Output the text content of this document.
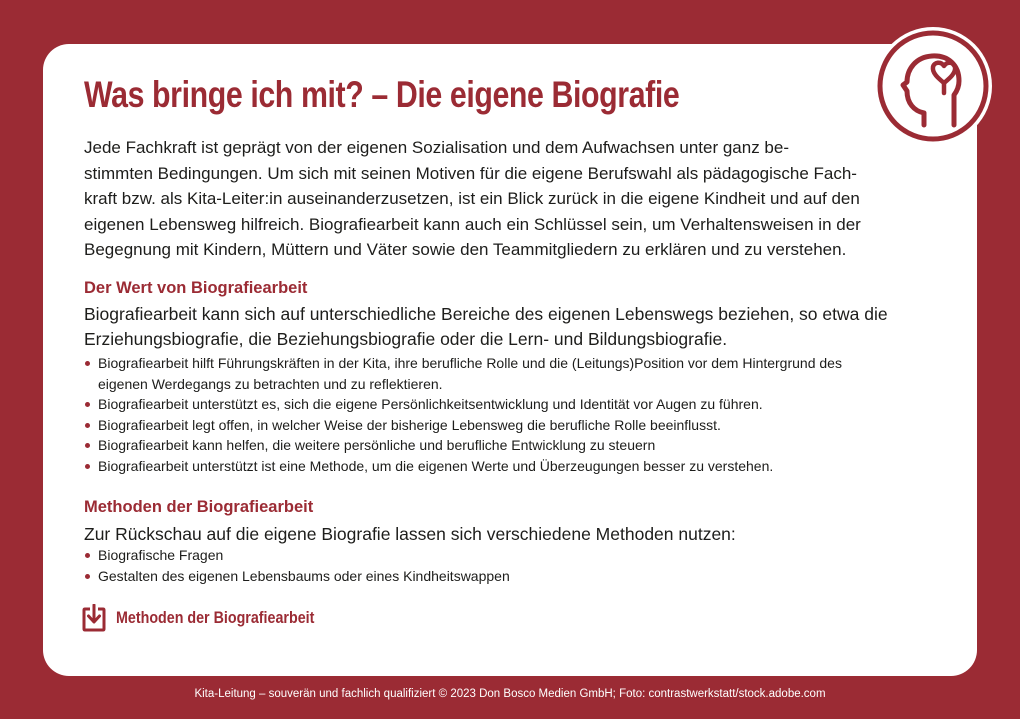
Was bringe ich mit? – Die eigene Biografie

Jede Fachkraft ist geprägt von der eigenen Sozialisation und dem Aufwachsen unter ganz be-
stimmten Bedingungen. Um sich mit seinen Motiven für die eigene Berufswahl als pädagogische Fach-
kraft bzw. als Kita-Leiter:in auseinanderzusetzen, ist ein Blick zurück in die eigene Kindheit und auf den
eigenen Lebensweg hilfreich. Biografiearbeit kann auch ein Schlüssel sein, um Verhaltensweisen in der
Begegnung mit Kindern, Müttern und Väter sowie den Teammitgliedern zu erklären und zu verstehen.

Der Wert von Biografiearbeit

Biografiearbeit kann sich auf unterschiedliche Bereiche des eigenen Lebenswegs beziehen, so etwa die
Erziehungsbiografie, die Beziehungsbiografie oder die Lern- und Bildungsbiografie.

Biografiearbeit hilft Führungskräften in der Kita, ihre berufliche Rolle und die (Leitungs)Position vor dem Hintergrund des
eigenen Werdegangs zu betrachten und zu reflektieren.
Biografiearbeit unterstützt es, sich die eigene Persönlichkeitsentwicklung und Identität vor Augen zu führen.
Biografiearbeit legt offen, in welcher Weise der bisherige Lebensweg die berufliche Rolle beeinflusst.
Biografiearbeit kann helfen, die weitere persönliche und berufliche Entwicklung zu steuern
Biografiearbeit unterstützt ist eine Methode, um die eigenen Werte und Überzeugungen besser zu verstehen.
Methoden der Biografiearbeit

Zur Rückschau auf die eigene Biografie lassen sich verschiedene Methoden nutzen:

Biografische Fragen
Gestalten des eigenen Lebensbaums oder eines Kindheitswappen
Methoden der Biografiearbeit
Kita-Leitung – souverän und fachlich qualifiziert © 2023 Don Bosco Medien GmbH; Foto: contrastwerkstatt/stock.adobe.com
